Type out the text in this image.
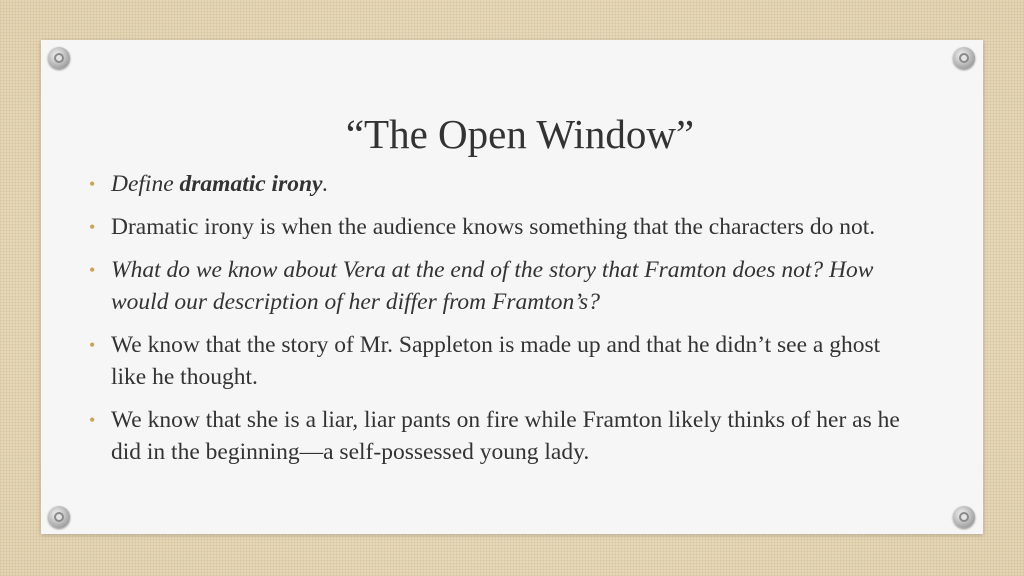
“The Open Window”
• Define dramatic irony.
• Dramatic irony is when the audience knows something that the characters do not.
• What do we know about Vera at the end of the story that Framton does not? How would our description of her differ from Framton’s?
• We know that the story of Mr. Sappleton is made up and that he didn’t see a ghost like he thought.
• We know that she is a liar, liar pants on fire while Framton likely thinks of her as he did in the beginning—a self-possessed young lady.
